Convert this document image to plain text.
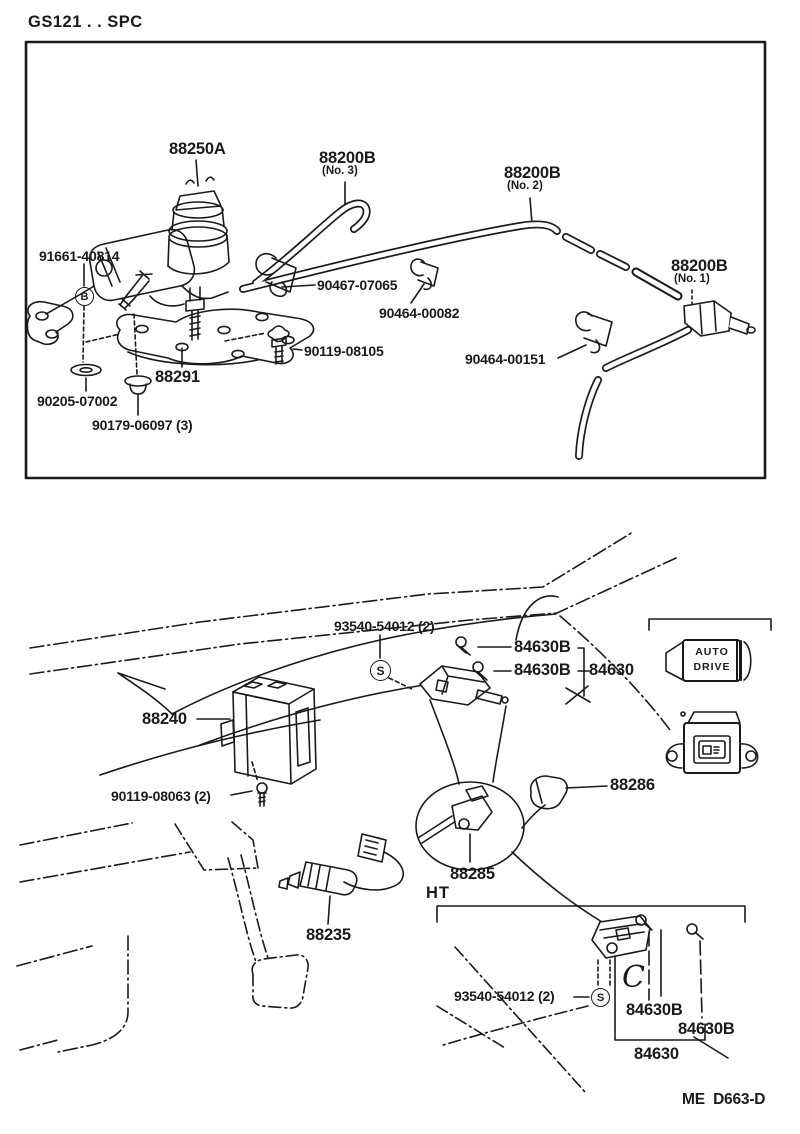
GS121 . . SPC
88250A	88200B
(No. 3)	88200B
(No. 2)
88200B
(No. 1)
91661-40814
B
90467-07065
90464-00082
90119-08105	90464-00151
88291
90205-07002
90179-06097 (3)
93540-54012 (2)
S
84630B
84630B 84630
88240
90119-08063 (2)
88286
88285
88235
AUTO
DRIVE
HT
93540-54012 (2)	S
C
84630B
84630B
84630
ME  D663-D
